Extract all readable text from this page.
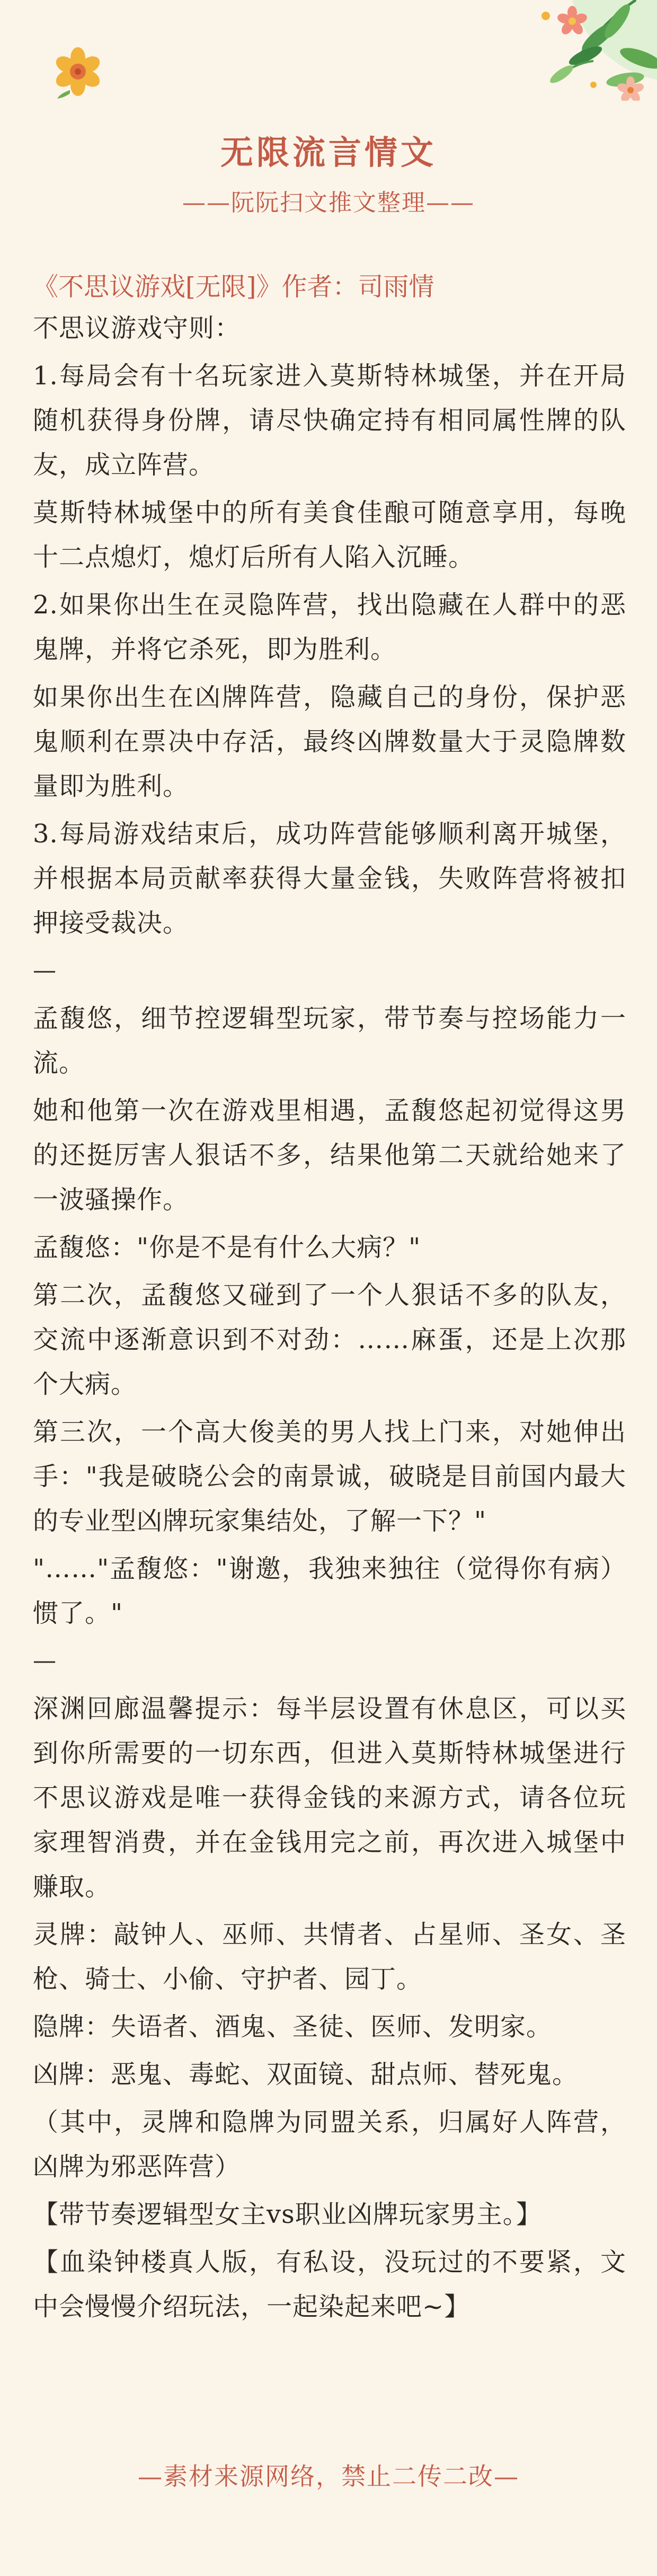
无限流言情文
——阮阮扫文推文整理——
《不思议游戏[无限]》作者：司雨情
不思议游戏守则：
1.每局会有十名玩家进入莫斯特林城堡，并在开局随机获得身份牌，请尽快确定持有相同属性牌的队友，成立阵营。
莫斯特林城堡中的所有美食佳酿可随意享用，每晚十二点熄灯，熄灯后所有人陷入沉睡。
2.如果你出生在灵隐阵营，找出隐藏在人群中的恶鬼牌，并将它杀死，即为胜利。
如果你出生在凶牌阵营，隐藏自己的身份，保护恶鬼顺利在票决中存活，最终凶牌数量大于灵隐牌数量即为胜利。
3.每局游戏结束后，成功阵营能够顺利离开城堡，并根据本局贡献率获得大量金钱，失败阵营将被扣押接受裁决。
—
孟馥悠，细节控逻辑型玩家，带节奏与控场能力一流。
她和他第一次在游戏里相遇，孟馥悠起初觉得这男的还挺厉害人狠话不多，结果他第二天就给她来了一波骚操作。
孟馥悠："你是不是有什么大病？"
第二次，孟馥悠又碰到了一个人狠话不多的队友，交流中逐渐意识到不对劲：……麻蛋，还是上次那个大病。
第三次，一个高大俊美的男人找上门来，对她伸出手："我是破晓公会的南景诚，破晓是目前国内最大的专业型凶牌玩家集结处，了解一下？"
"……"孟馥悠："谢邀，我独来独往（觉得你有病）惯了。"
—
深渊回廊温馨提示：每半层设置有休息区，可以买到你所需要的一切东西，但进入莫斯特林城堡进行不思议游戏是唯一获得金钱的来源方式，请各位玩家理智消费，并在金钱用完之前，再次进入城堡中赚取。
灵牌：敲钟人、巫师、共情者、占星师、圣女、圣枪、骑士、小偷、守护者、园丁。
隐牌：失语者、酒鬼、圣徒、医师、发明家。
凶牌：恶鬼、毒蛇、双面镜、甜点师、替死鬼。
（其中，灵牌和隐牌为同盟关系，归属好人阵营，凶牌为邪恶阵营）
【带节奏逻辑型女主vs职业凶牌玩家男主。】
【血染钟楼真人版，有私设，没玩过的不要紧，文中会慢慢介绍玩法，一起染起来吧~】
—素材来源网络，禁止二传二改—
